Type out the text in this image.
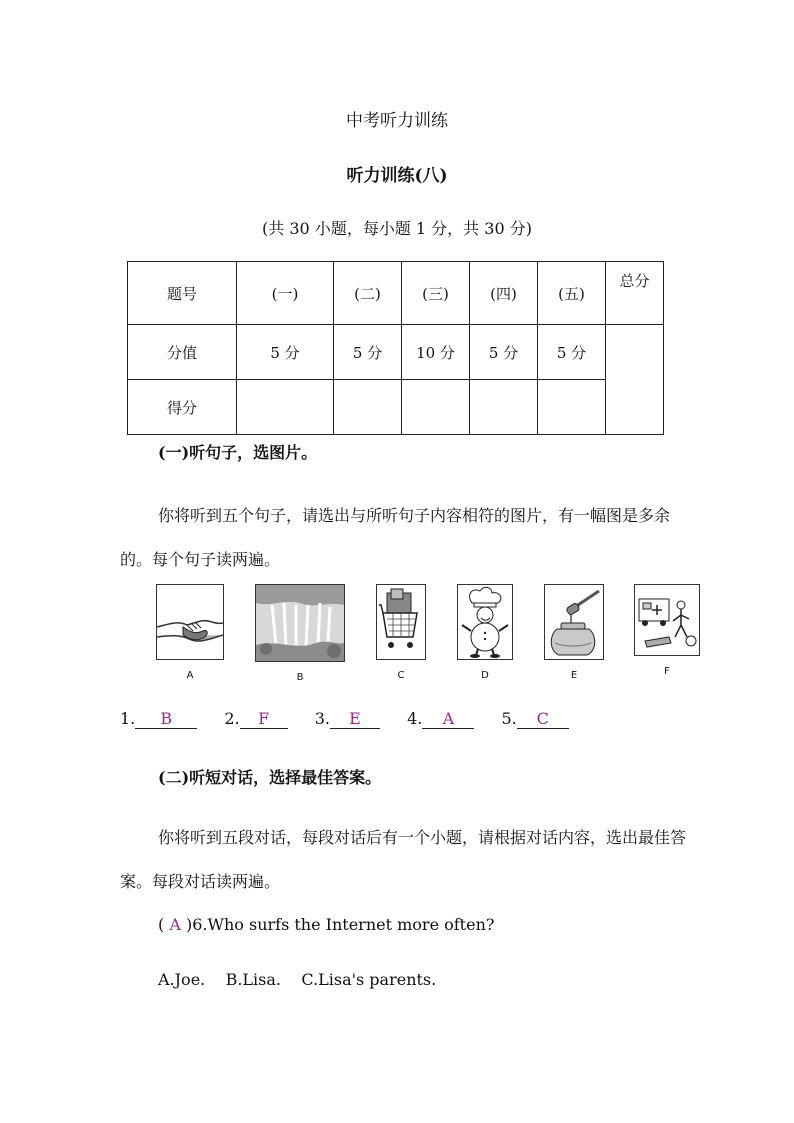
中考听力训练
听力训练(八)
(共 30 小题，每小题 1 分，共 30 分)
题号	(一)	(二)	(三)	(四)	(五)	总分
分值	5 分	5 分	10 分	5 分	5 分	
得分						
(一)听句子，选图片。
你将听到五个句子，请选出与所听句子内容相符的图片，有一幅图是多余的。每个句子读两遍。
A	B	C	D	E	F
1. B	2. F	3. E	4. A	5. C
(二)听短对话，选择最佳答案。
你将听到五段对话，每段对话后有一个小题，请根据对话内容，选出最佳答案。每段对话读两遍。
( A )6.Who surfs the Internet more often?
A.Joe.    B.Lisa.    C.Lisa's parents.
